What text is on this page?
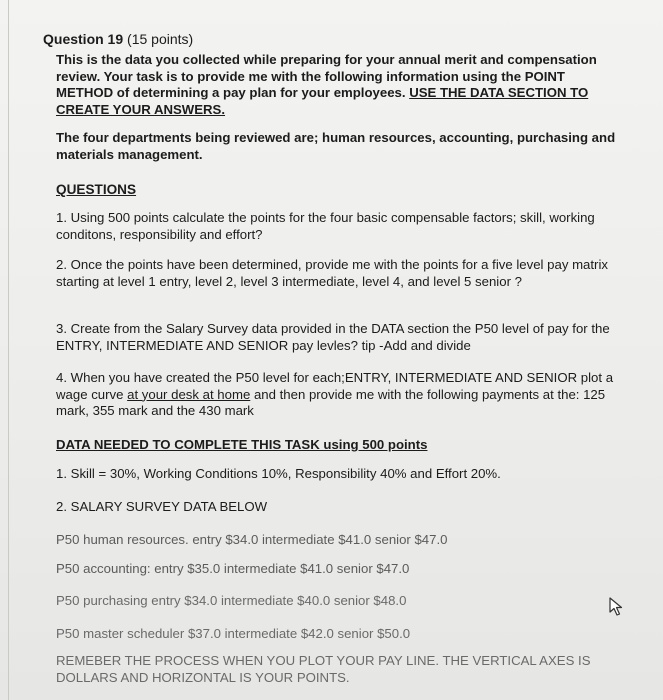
Question 19 (15 points)

This is the data you collected while preparing for your annual merit and compensation review. Your task is to provide me with the following information using the POINT METHOD of determining a pay plan for your employees. USE THE DATA SECTION TO CREATE YOUR ANSWERS.

The four departments being reviewed are; human resources, accounting, purchasing and materials management.

QUESTIONS

1. Using 500 points calculate the points for the four basic compensable factors; skill, working conditons, responsibility and effort?

2. Once the points have been determined, provide me with the points for a five level pay matrix starting at level 1 entry, level 2, level 3 intermediate, level 4, and level 5 senior ?

3. Create from the Salary Survey data provided in the DATA section the P50 level of pay for the ENTRY, INTERMEDIATE AND SENIOR pay levles? tip -Add and divide

4. When you have created the P50 level for each;ENTRY, INTERMEDIATE AND SENIOR plot a wage curve at your desk at home and then provide me with the following payments at the: 125 mark, 355 mark and the 430 mark

DATA NEEDED TO COMPLETE THIS TASK using 500 points

1. Skill = 30%, Working Conditions 10%, Responsibility 40% and Effort 20%.

2. SALARY SURVEY DATA BELOW

P50 human resources. entry $34.0 intermediate $41.0 senior $47.0

P50 accounting: entry $35.0 intermediate $41.0 senior $47.0

P50 purchasing entry $34.0 intermediate $40.0 senior $48.0

P50 master scheduler $37.0 intermediate $42.0 senior $50.0

REMEBER THE PROCESS WHEN YOU PLOT YOUR PAY LINE. THE VERTICAL AXES IS DOLLARS AND HORIZONTAL IS YOUR POINTS.
